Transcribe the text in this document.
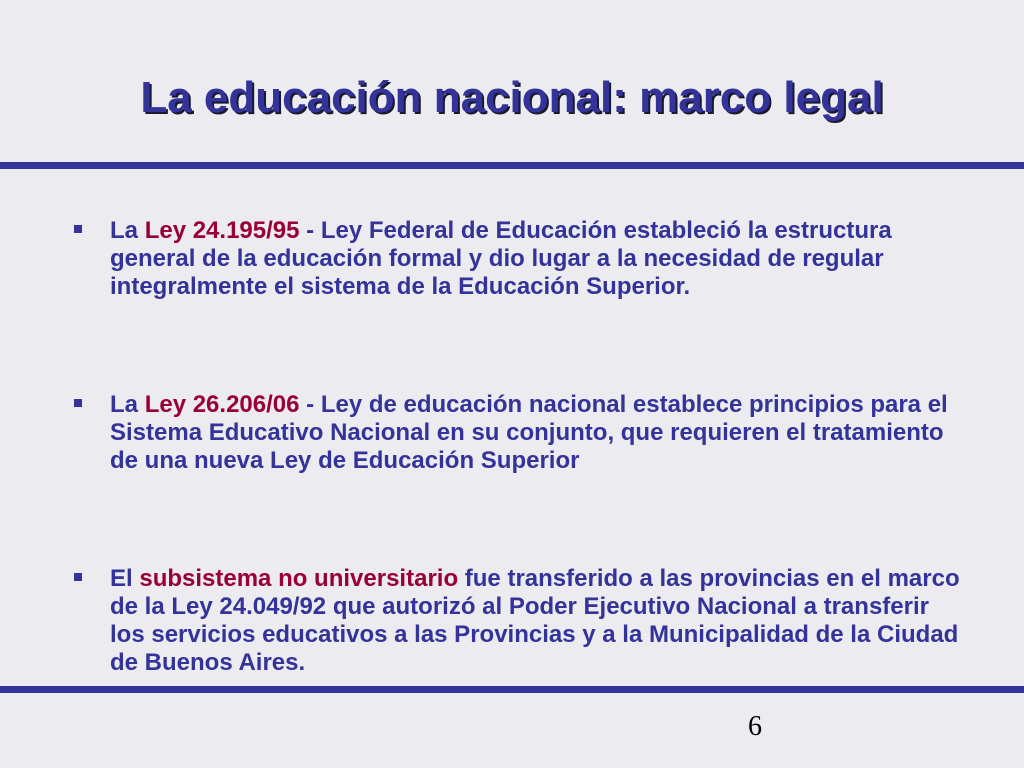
La educación nacional: marco legal
La Ley 24.195/95 - Ley Federal de Educación estableció la estructura general de la educación formal y dio lugar a la necesidad de regular integralmente el sistema de la Educación Superior.
La Ley 26.206/06 - Ley de educación nacional establece principios para el Sistema Educativo Nacional en su conjunto, que requieren el tratamiento de una nueva Ley de Educación Superior
El subsistema no universitario fue transferido a las provincias en el marco de la Ley 24.049/92 que autorizó al Poder Ejecutivo Nacional a transferir los servicios educativos a las Provincias y a la Municipalidad de la Ciudad de Buenos Aires.
6
